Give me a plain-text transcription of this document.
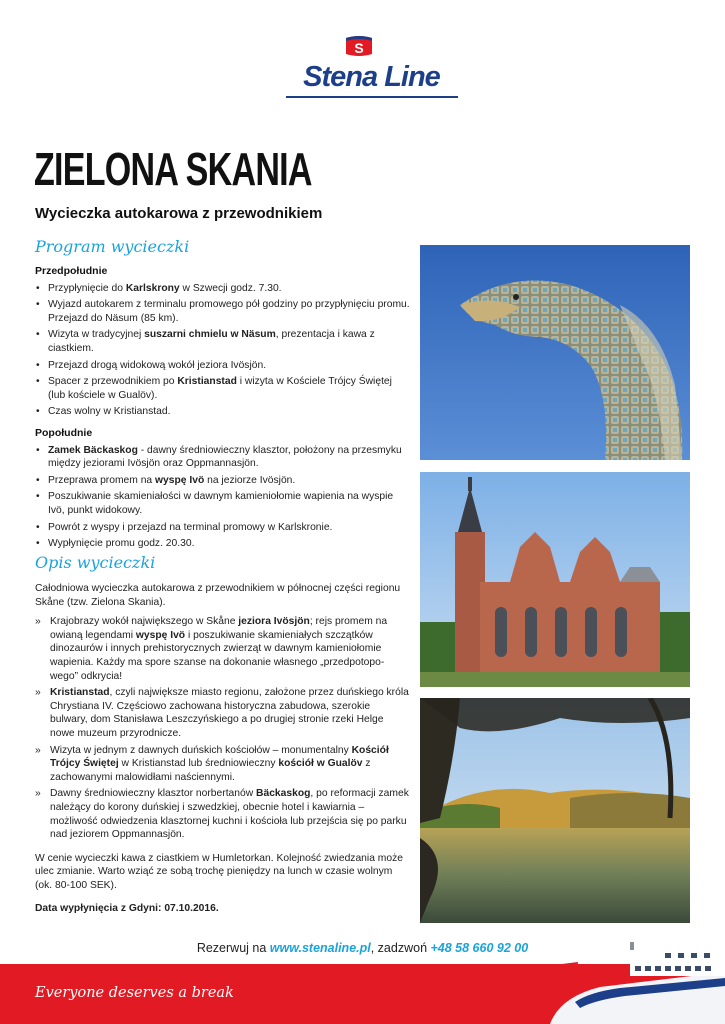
S
Stena Line
ZIELONA SKANIA
Wycieczka autokarowa z przewodnikiem
Program wycieczki
Przedpołudnie
• Przypłynięcie do Karlskrony w Szwecji godz. 7.30.
• Wyjazd autokarem z terminalu promowego pół godziny po przypłynięciu promu. Przejazd do Näsum (85 km).
• Wizyta w tradycyjnej suszarni chmielu w Näsum, prezentacja i kawa z ciastkiem.
• Przejazd drogą widokową wokół jeziora Ivösjön.
• Spacer z przewodnikiem po Kristianstad i wizyta w Kościele Trójcy Świętej (lub kościele w Gualöv).
• Czas wolny w Kristianstad.
Popołudnie
• Zamek Bäckaskog - dawny średniowieczny klasztor, położony na przesmyku między jeziorami Ivösjön oraz Oppmannasjön.
• Przeprawa promem na wyspę Ivö na jeziorze Ivösjön.
• Poszukiwanie skamieniałości w dawnym kamieniołomie wapienia na wyspie Ivö, punkt widokowy.
• Powrót z wyspy i przejazd na terminal promowy w Karlskronie.
• Wypłynięcie promu godz. 20.30.
Opis wycieczki
Całodniowa wycieczka autokarowa z przewodnikiem w północnej części regionu Skåne (tzw. Zielona Skania).
» Krajobrazy wokół największego w Skåne jeziora Ivösjön; rejs promem na owianą legendami wyspę Ivö i poszukiwanie skamieniałych szczątków dinozaurów i innych prehistorycznych zwierząt w dawnym kamieniołomie wapienia. Każdy ma spore szanse na dokonanie własnego „przedpotopo-wego” odkrycia!
» Kristianstad, czyli największe miasto regionu, założone przez duńskiego króla Chrystiana IV. Częściowo zachowana historyczna zabudowa, szerokie bulwary, dom Stanisława Leszczyńskiego a po drugiej stronie rzeki Helge nowe muzeum przyrodnicze.
» Wizyta w jednym z dawnych duńskich kościołów – monumentalny Kościół Trójcy Świętej w Kristianstad lub średniowieczny kościół w Gualöv z zachowanymi malowidłami naściennymi.
» Dawny średniowieczny klasztor norbertanów Bäckaskog, po reformacji zamek należący do korony duńskiej i szwedzkiej, obecnie hotel i kawiarnia – możliwość odwiedzenia klasztornej kuchni i kościoła lub przejścia się po parku nad jeziorem Oppmannasjön.
W cenie wycieczki kawa z ciastkiem w Humletorkan. Kolejność zwiedzania może ulec zmianie. Warto wziąć ze sobą trochę pieniędzy na lunch w czasie wolnym (ok. 80-100 SEK).
Data wypłynięcia z Gdyni: 07.10.2016.
Rezerwuj na www.stenaline.pl, zadzwoń +48 58 660 92 00
Everyone deserves a break
